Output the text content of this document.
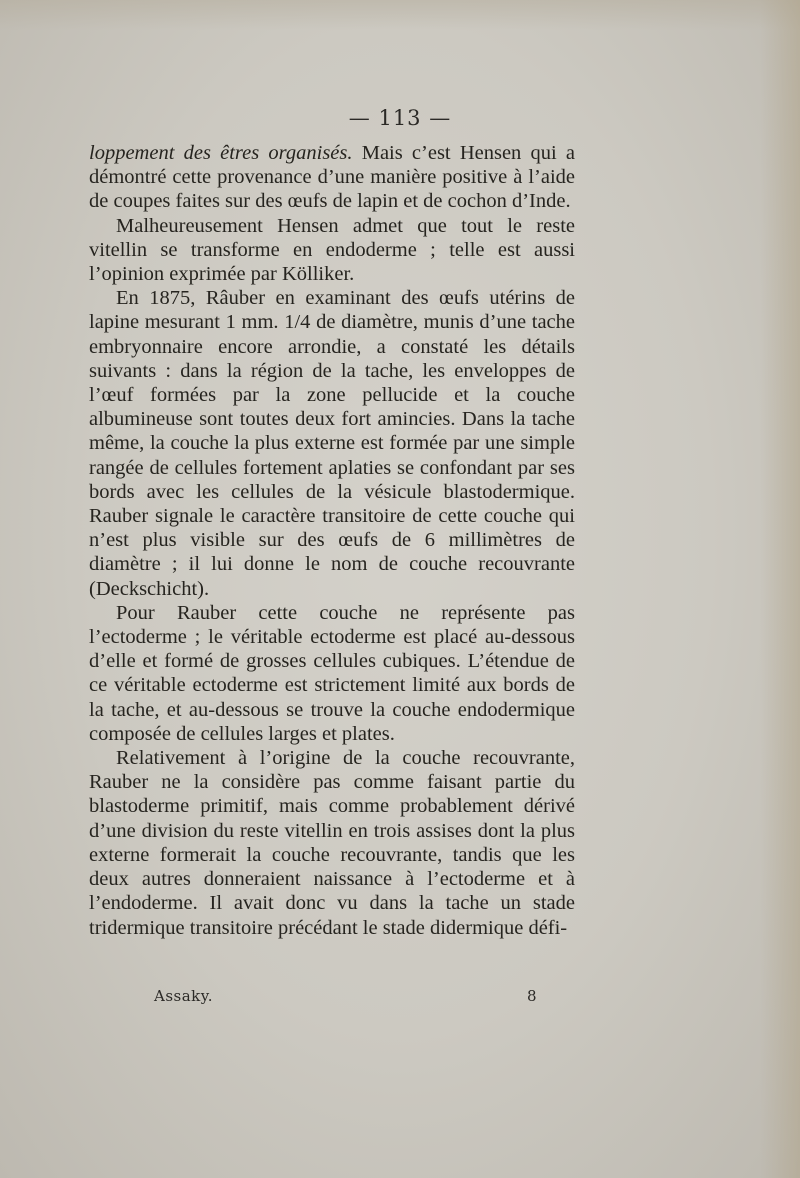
— 113 —

loppement des êtres organisés. Mais c’est Hensen qui a démontré cette provenance d’une manière positive à l’aide de coupes faites sur des œufs de lapin et de cochon d’Inde.

Malheureusement Hensen admet que tout le reste vitellin se transforme en endoderme ; telle est aussi l’opinion exprimée par Kölliker.

En 1875, Râuber en examinant des œufs utérins de lapine mesurant 1 mm. 1/4 de diamètre, munis d’une tache embryonnaire encore arrondie, a constaté les détails suivants : dans la région de la tache, les enveloppes de l’œuf formées par la zone pellucide et la couche albumineuse sont toutes deux fort amincies. Dans la tache même, la couche la plus externe est formée par une simple rangée de cellules fortement aplaties se confondant par ses bords avec les cellules de la vésicule blastodermique. Rauber signale le caractère transitoire de cette couche qui n’est plus visible sur des œufs de 6 millimètres de diamètre ; il lui donne le nom de couche recouvrante (Deckschicht).

Pour Rauber cette couche ne représente pas l’ectoderme ; le véritable ectoderme est placé au-dessous d’elle et formé de grosses cellules cubiques. L’étendue de ce véritable ectoderme est strictement limité aux bords de la tache, et au-dessous se trouve la couche endodermique composée de cellules larges et plates.

Relativement à l’origine de la couche recouvrante, Rauber ne la considère pas comme faisant partie du blastoderme primitif, mais comme probablement dérivé d’une division du reste vitellin en trois assises dont la plus externe formerait la couche recouvrante, tandis que les deux autres donneraient naissance à l’ectoderme et à l’endoderme. Il avait donc vu dans la tache un stade tridermique transitoire précédant le stade didermique défi-

Assaky.	8
